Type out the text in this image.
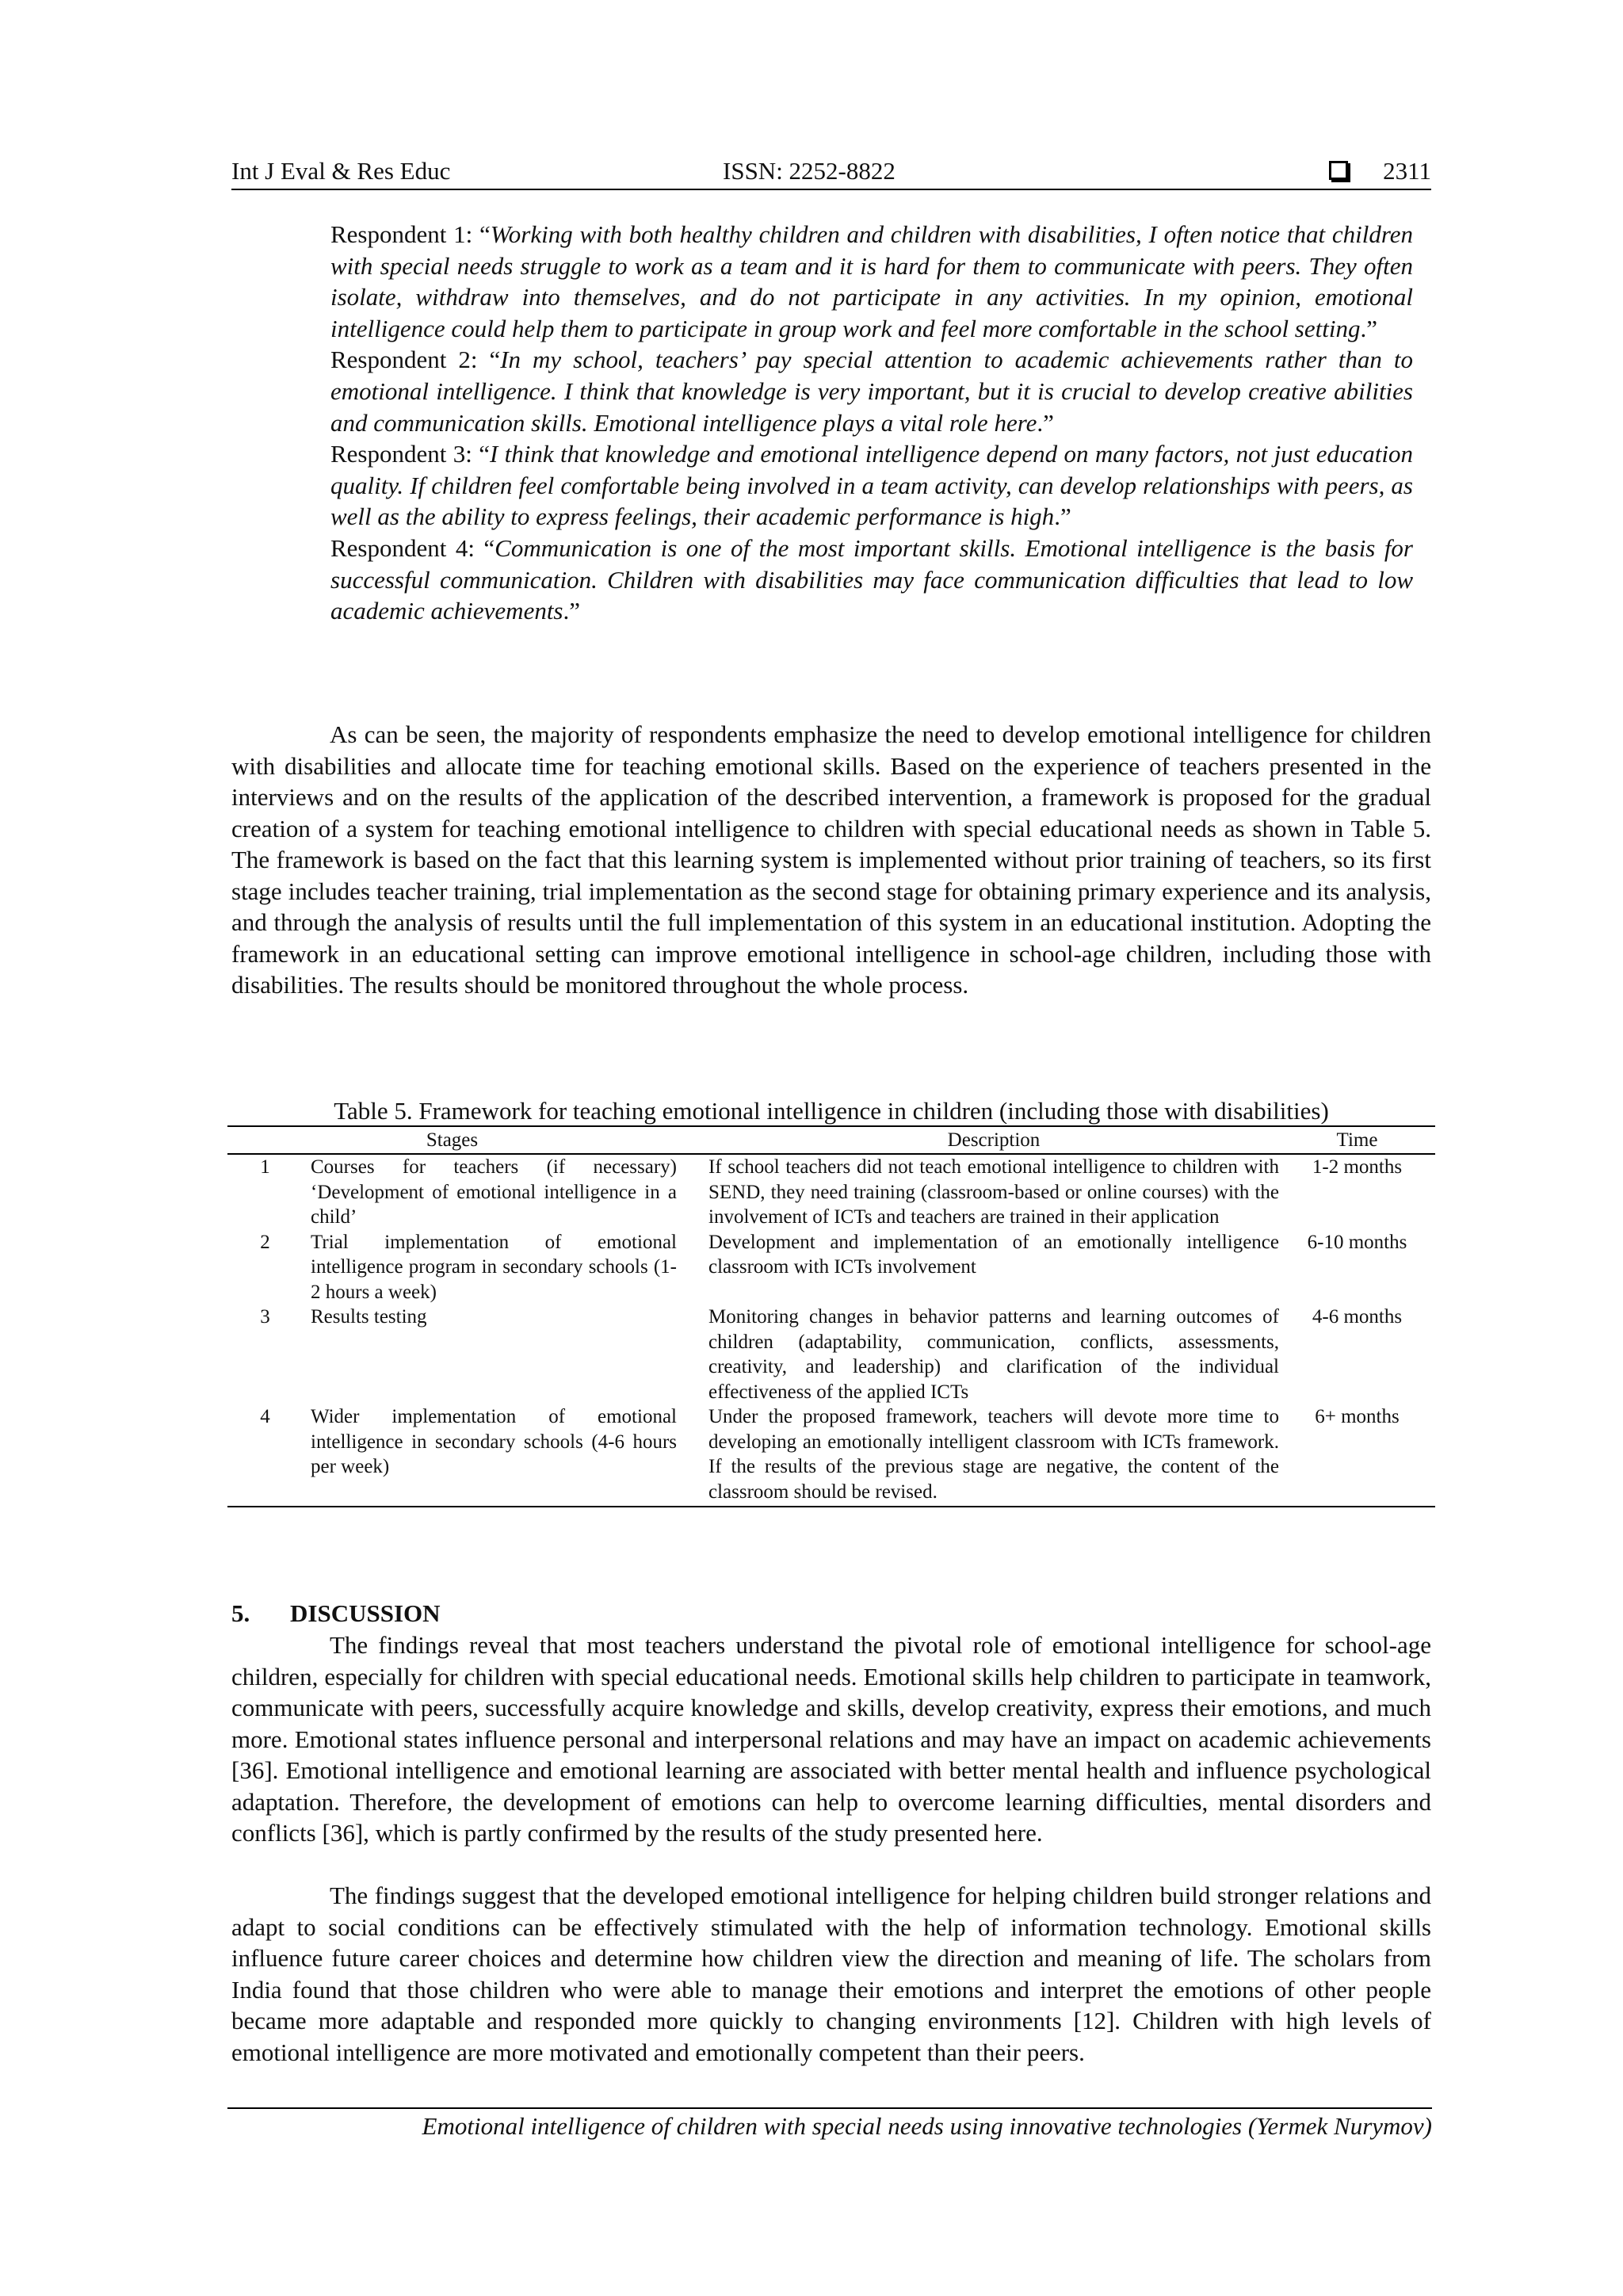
Int J Eval & Res Educ	ISSN: 2252-8822	2311

Respondent 1: “Working with both healthy children and children with disabilities, I often notice that children with special needs struggle to work as a team and it is hard for them to communicate with peers. They often isolate, withdraw into themselves, and do not participate in any activities. In my opinion, emotional intelligence could help them to participate in group work and feel more comfortable in the school setting.”

Respondent 2: “In my school, teachers’ pay special attention to academic achievements rather than to emotional intelligence. I think that knowledge is very important, but it is crucial to develop creative abilities and communication skills. Emotional intelligence plays a vital role here.”

Respondent 3: “I think that knowledge and emotional intelligence depend on many factors, not just education quality. If children feel comfortable being involved in a team activity, can develop relationships with peers, as well as the ability to express feelings, their academic performance is high.”

Respondent 4: “Communication is one of the most important skills. Emotional intelligence is the basis for successful communication. Children with disabilities may face communication difficulties that lead to low academic achievements.”

As can be seen, the majority of respondents emphasize the need to develop emotional intelligence for children with disabilities and allocate time for teaching emotional skills. Based on the experience of teachers presented in the interviews and on the results of the application of the described intervention, a framework is proposed for the gradual creation of a system for teaching emotional intelligence to children with special educational needs as shown in Table 5. The framework is based on the fact that this learning system is implemented without prior training of teachers, so its first stage includes teacher training, trial implementation as the second stage for obtaining primary experience and its analysis, and through the analysis of results until the full implementation of this system in an educational institution. Adopting the framework in an educational setting can improve emotional intelligence in school-age children, including those with disabilities. The results should be monitored throughout the whole process.

Table 5. Framework for teaching emotional intelligence in children (including those with disabilities)
Stages			Description	Time
1	Courses for teachers (if necessary) ‘Development of emotional intelligence in a child’		If school teachers did not teach emotional intelligence to children with SEND, they need training (classroom-based or online courses) with the involvement of ICTs and teachers are trained in their application	1-2 months
2	Trial implementation of emotional intelligence program in secondary schools (1-2 hours a week)		Development and implementation of an emotionally intelligence classroom with ICTs involvement	6-10 months
3	Results testing		Monitoring changes in behavior patterns and learning outcomes of children (adaptability, communication, conflicts, assessments, creativity, and leadership) and clarification of the individual effectiveness of the applied ICTs	4-6 months
4	Wider implementation of emotional intelligence in secondary schools (4-6 hours per week)		Under the proposed framework, teachers will devote more time to developing an emotionally intelligent classroom with ICTs framework. If the results of the previous stage are negative, the content of the classroom should be revised.	6+ months
5. DISCUSSION

The findings reveal that most teachers understand the pivotal role of emotional intelligence for school-age children, especially for children with special educational needs. Emotional skills help children to participate in teamwork, communicate with peers, successfully acquire knowledge and skills, develop creativity, express their emotions, and much more. Emotional states influence personal and interpersonal relations and may have an impact on academic achievements [36]. Emotional intelligence and emotional learning are associated with better mental health and influence psychological adaptation. Therefore, the development of emotions can help to overcome learning difficulties, mental disorders and conflicts [36], which is partly confirmed by the results of the study presented here.

The findings suggest that the developed emotional intelligence for helping children build stronger relations and adapt to social conditions can be effectively stimulated with the help of information technology. Emotional skills influence future career choices and determine how children view the direction and meaning of life. The scholars from India found that those children who were able to manage their emotions and interpret the emotions of other people became more adaptable and responded more quickly to changing environments [12]. Children with high levels of emotional intelligence are more motivated and emotionally competent than their peers.

Emotional intelligence of children with special needs using innovative technologies (Yermek Nurymov)
